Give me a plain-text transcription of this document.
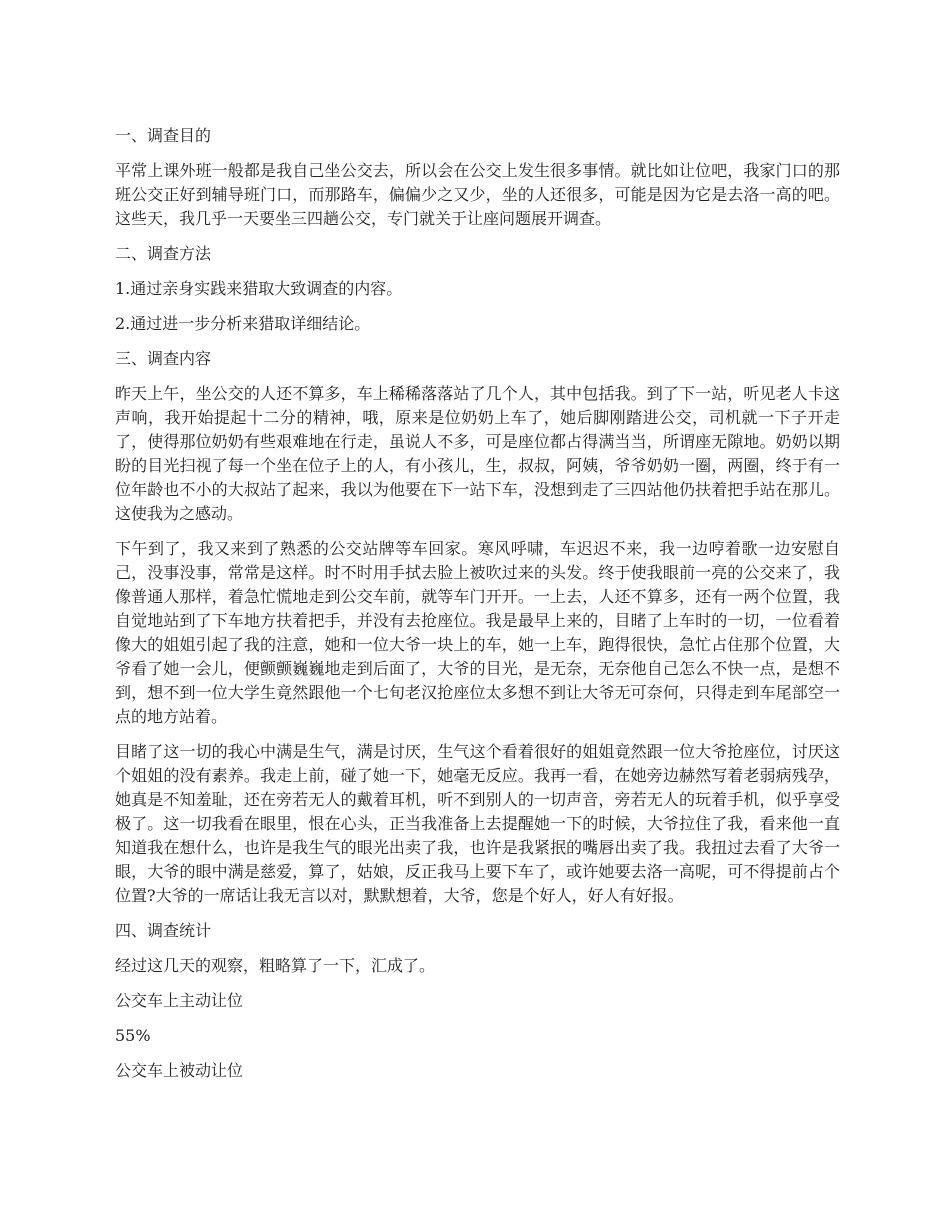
一、调查目的

平常上课外班一般都是我自己坐公交去，所以会在公交上发生很多事情。就比如让位吧，我家门口的那班公交正好到辅导班门口，而那路车，偏偏少之又少，坐的人还很多，可能是因为它是去洛一高的吧。这些天，我几乎一天要坐三四趟公交，专门就关于让座问题展开调查。

二、调查方法

1.通过亲身实践来猎取大致调查的内容。

2.通过进一步分析来猎取详细结论。

三、调查内容

昨天上午，坐公交的人还不算多，车上稀稀落落站了几个人，其中包括我。到了下一站，听见老人卡这声响，我开始提起十二分的精神，哦，原来是位奶奶上车了，她后脚刚踏进公交，司机就一下子开走了，使得那位奶奶有些艰难地在行走，虽说人不多，可是座位都占得满当当，所谓座无隙地。奶奶以期盼的目光扫视了每一个坐在位子上的人，有小孩儿，生，叔叔，阿姨，爷爷奶奶一圈，两圈，终于有一位年龄也不小的大叔站了起来，我以为他要在下一站下车，没想到走了三四站他仍扶着把手站在那儿。这使我为之感动。

下午到了，我又来到了熟悉的公交站牌等车回家。寒风呼啸，车迟迟不来，我一边哼着歌一边安慰自己，没事没事，常常是这样。时不时用手拭去脸上被吹过来的头发。终于使我眼前一亮的公交来了，我像普通人那样，着急忙慌地走到公交车前，就等车门开开。一上去，人还不算多，还有一两个位置，我自觉地站到了下车地方扶着把手，并没有去抢座位。我是最早上来的，目睹了上车时的一切，一位看着像大的姐姐引起了我的注意，她和一位大爷一块上的车，她一上车，跑得很快，急忙占住那个位置，大爷看了她一会儿，便颤颤巍巍地走到后面了，大爷的目光，是无奈，无奈他自己怎么不快一点，是想不到，想不到一位大学生竟然跟他一个七旬老汉抢座位太多想不到让大爷无可奈何，只得走到车尾部空一点的地方站着。

目睹了这一切的我心中满是生气，满是讨厌，生气这个看着很好的姐姐竟然跟一位大爷抢座位，讨厌这个姐姐的没有素养。我走上前，碰了她一下，她毫无反应。我再一看，在她旁边赫然写着老弱病残孕，她真是不知羞耻，还在旁若无人的戴着耳机，听不到别人的一切声音，旁若无人的玩着手机，似乎享受极了。这一切我看在眼里，恨在心头，正当我准备上去提醒她一下的时候，大爷拉住了我，看来他一直知道我在想什么，也许是我生气的眼光出卖了我，也许是我紧抿的嘴唇出卖了我。我扭过去看了大爷一眼，大爷的眼中满是慈爱，算了，姑娘，反正我马上要下车了，或许她要去洛一高呢，可不得提前占个位置?大爷的一席话让我无言以对，默默想着，大爷，您是个好人，好人有好报。

四、调查统计

经过这几天的观察，粗略算了一下，汇成了。

公交车上主动让位

55%

公交车上被动让位
